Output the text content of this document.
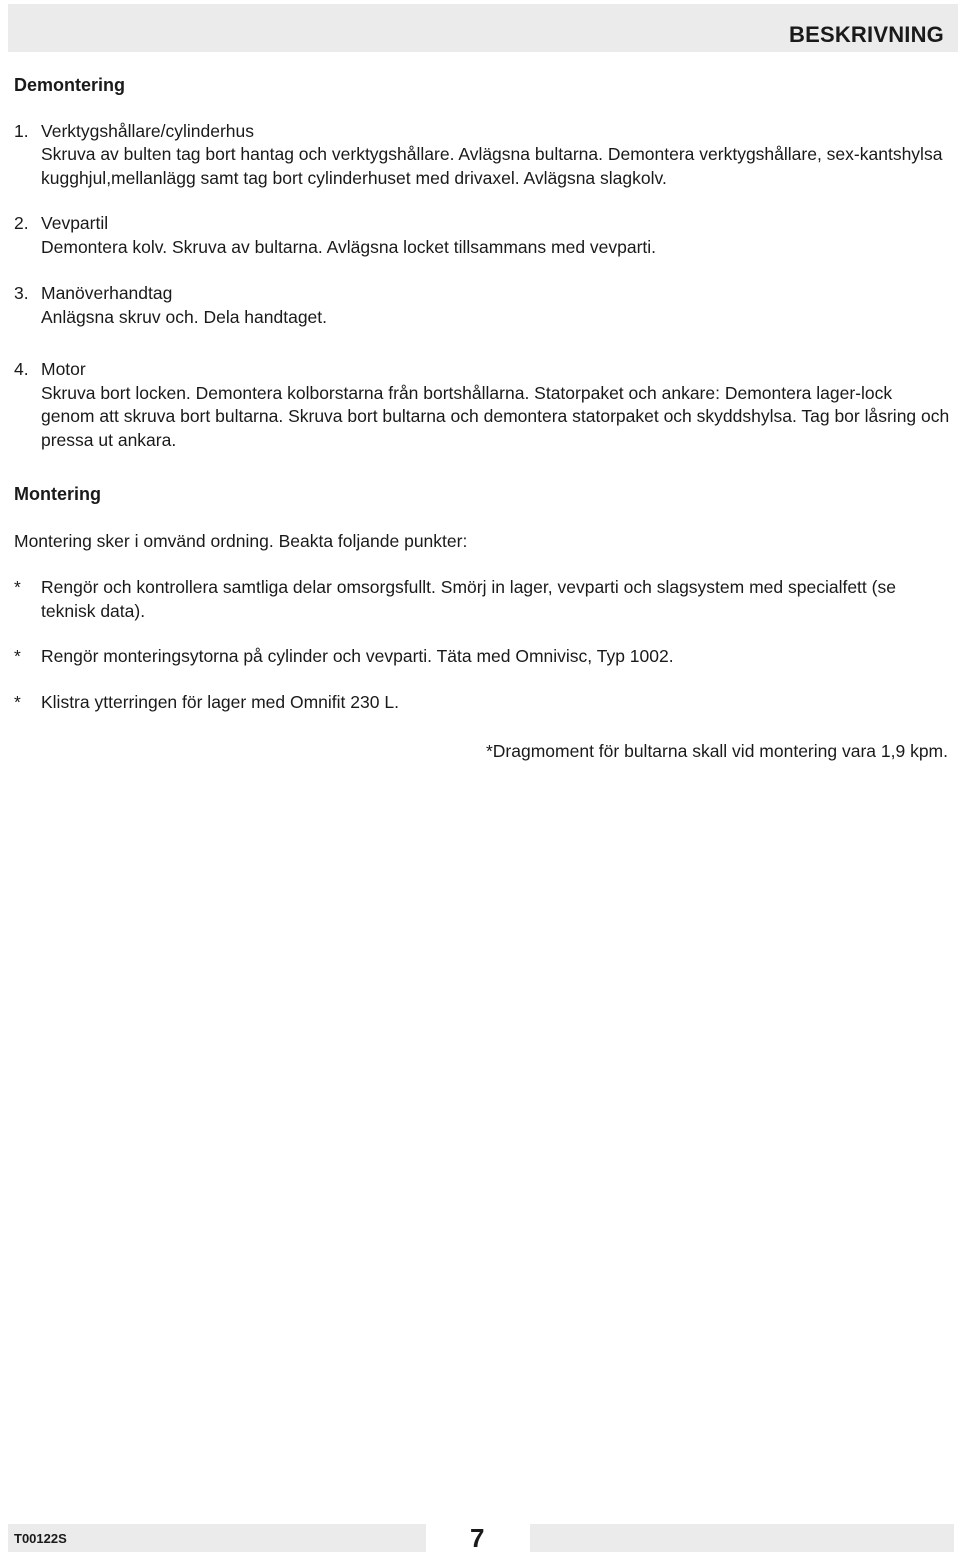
BESKRIVNING
Demontering
1. Verktygshållare/cylinderhus

Skruva av bulten tag bort hantag och verktygshållare. Avlägsna bultarna. Demontera verktygshållare, sex-kantshylsa kugghjul,mellanlägg samt tag bort cylinderhuset med drivaxel. Avlägsna slagkolv.

2. Vevpartil

Demontera kolv. Skruva av bultarna. Avlägsna locket tillsammans med vevparti.

3. Manöverhandtag

Anlägsna skruv och. Dela handtaget.

4. Motor

Skruva bort locken. Demontera kolborstarna från bortshållarna. Statorpaket och ankare: Demontera lager-lock genom att skruva bort bultarna. Skruva bort bultarna och demontera statorpaket och skyddshylsa. Tag bor låsring och pressa ut ankara.

Montering

Montering sker i omvänd ordning. Beakta foljande punkter:

* Rengör och kontrollera samtliga delar omsorgsfullt. Smörj in lager, vevparti och slagsystem med specialfett (se teknisk data).

* Rengör monteringsytorna på cylinder och vevparti. Täta med Omnivisc, Typ 1002.

* Klistra ytterringen för lager med Omnifit 230 L.

*Dragmoment för bultarna skall vid montering vara 1,9 kpm.

T00122S	7
